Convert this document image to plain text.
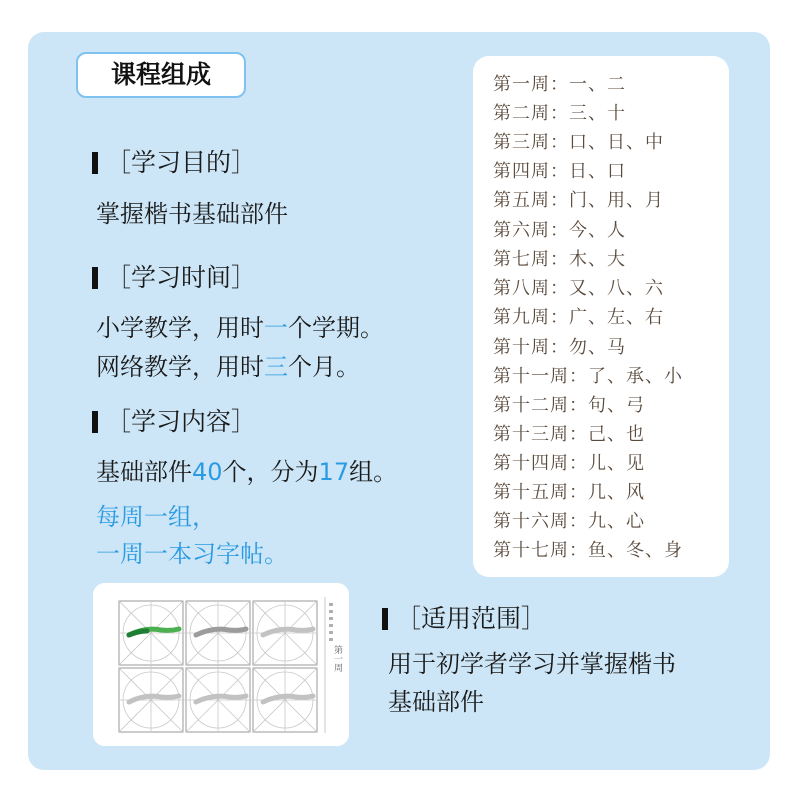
课程组成
［学习目的］
掌握楷书基础部件
［学习时间］
小学教学，用时一个学期。
网络教学，用时三个月。
［学习内容］
基础部件40个，分为17组。
每周一组，
一周一本习字帖。
第一周：一、二
第二周：三、十
第三周：口、日、中
第四周：日、口
第五周：门、用、月
第六周：今、人
第七周：木、大
第八周：又、八、六
第九周：广、左、右
第十周：勿、马
第十一周：了、承、小
第十二周：句、弓
第十三周：己、也
第十四周：儿、见
第十五周：几、风
第十六周：九、心
第十七周：鱼、冬、身
第一周
［适用范围］
用于初学者学习并掌握楷书
基础部件
